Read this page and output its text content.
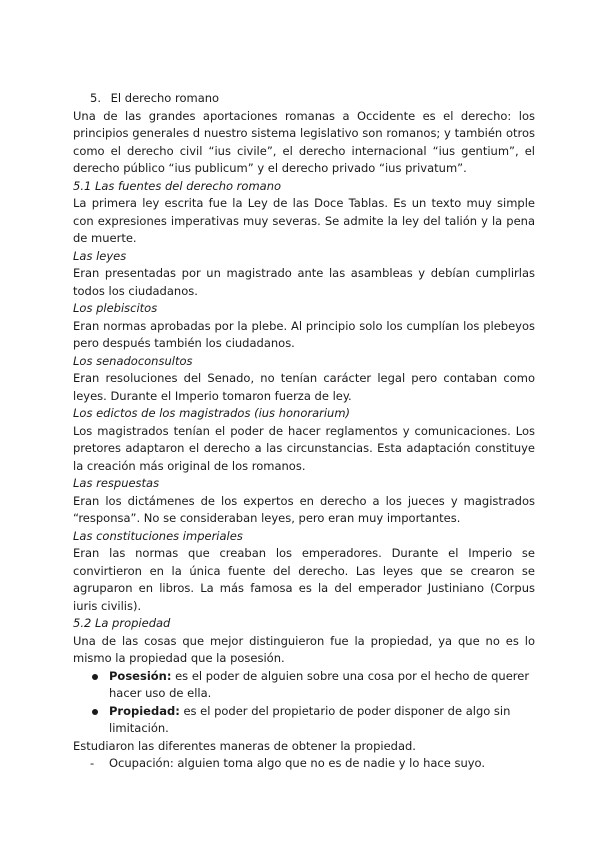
5. El derecho romano

Una de las grandes aportaciones romanas a Occidente es el derecho: los principios generales d nuestro sistema legislativo son romanos; y también otros como el derecho civil “ius civile”, el derecho internacional “ius gentium”, el derecho público “ius publicum” y el derecho privado “ius privatum”.

5.1 Las fuentes del derecho romano

La primera ley escrita fue la Ley de las Doce Tablas. Es un texto muy simple con expresiones imperativas muy severas. Se admite la ley del talión y la pena de muerte.

Las leyes

Eran presentadas por un magistrado ante las asambleas y debían cumplirlas todos los ciudadanos.

Los plebiscitos

Eran normas aprobadas por la plebe. Al principio solo los cumplían los plebeyos pero después también los ciudadanos.

Los senadoconsultos

Eran resoluciones del Senado, no tenían carácter legal pero contaban como leyes. Durante el Imperio tomaron fuerza de ley.

Los edictos de los magistrados (ius honorarium)

Los magistrados tenían el poder de hacer reglamentos y comunicaciones. Los pretores adaptaron el derecho a las circunstancias. Esta adaptación constituye la creación más original de los romanos.

Las respuestas

Eran los dictámenes de los expertos en derecho a los jueces y magistrados “responsa”. No se consideraban leyes, pero eran muy importantes.

Las constituciones imperiales

Eran las normas que creaban los emperadores. Durante el Imperio se convirtieron en la única fuente del derecho. Las leyes que se crearon se agruparon en libros. La más famosa es la del emperador Justiniano (Corpus iuris civilis).

5.2 La propiedad

Una de las cosas que mejor distinguieron fue la propiedad, ya que no es lo mismo la propiedad que la posesión.

Posesión: es el poder de alguien sobre una cosa por el hecho de querer hacer uso de ella.
Propiedad: es el poder del propietario de poder disponer de algo sin limitación.

Estudiaron las diferentes maneras de obtener la propiedad.

- Ocupación: alguien toma algo que no es de nadie y lo hace suyo.
